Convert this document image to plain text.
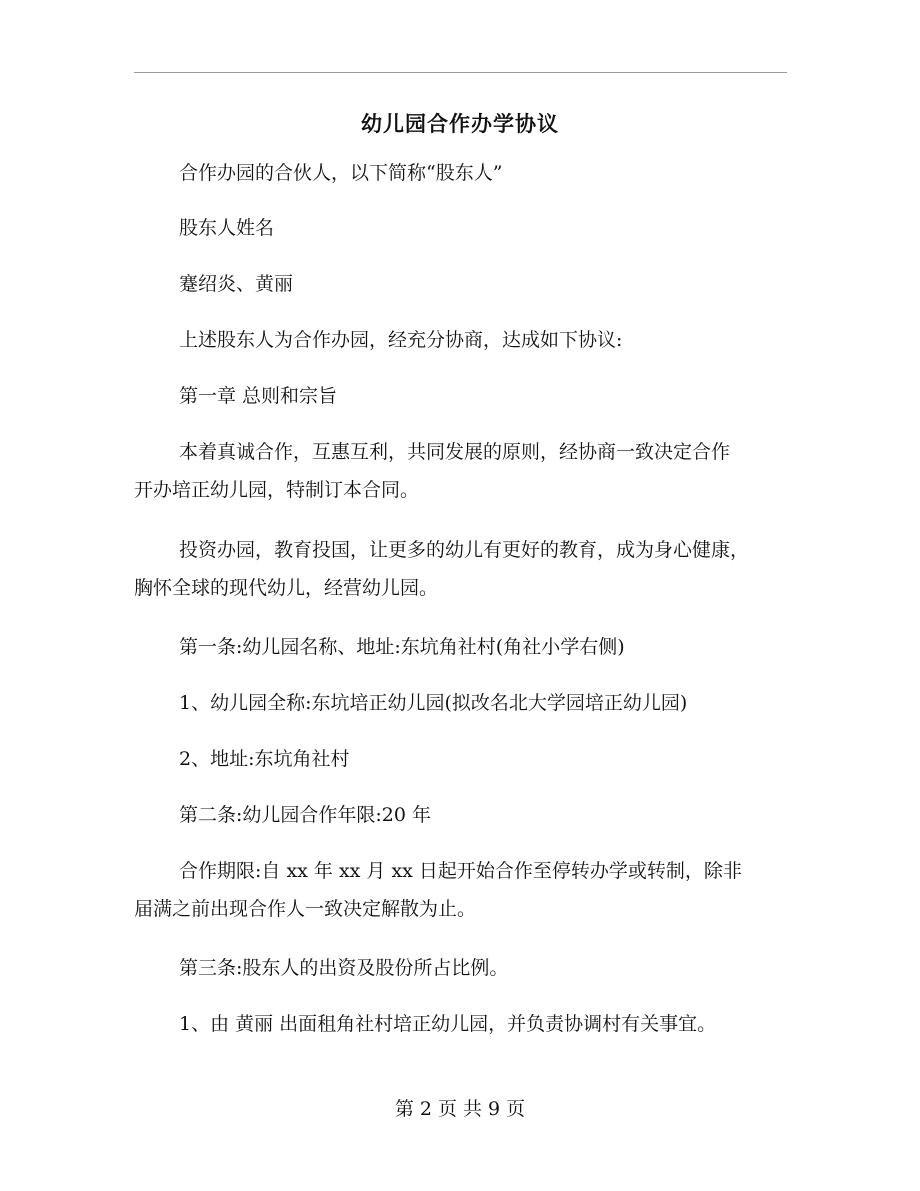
幼儿园合作办学协议
合作办园的合伙人，以下简称“股东人”
股东人姓名
蹇绍炎、黄丽
上述股东人为合作办园，经充分协商，达成如下协议:
第一章 总则和宗旨
本着真诚合作，互惠互利，共同发展的原则，经协商一致决定合作
开办培正幼儿园，特制订本合同。
投资办园，教育投国，让更多的幼儿有更好的教育，成为身心健康，
胸怀全球的现代幼儿，经营幼儿园。
第一条:幼儿园名称、地址:东坑角社村(角社小学右侧)
1、幼儿园全称:东坑培正幼儿园(拟改名北大学园培正幼儿园)
2、地址:东坑角社村
第二条:幼儿园合作年限:20 年
合作期限:自 xx 年 xx 月 xx 日起开始合作至停转办学或转制，除非
届满之前出现合作人一致决定解散为止。
第三条:股东人的出资及股份所占比例。
1、由 黄丽 出面租角社村培正幼儿园，并负责协调村有关事宜。
第 2 页 共 9 页
